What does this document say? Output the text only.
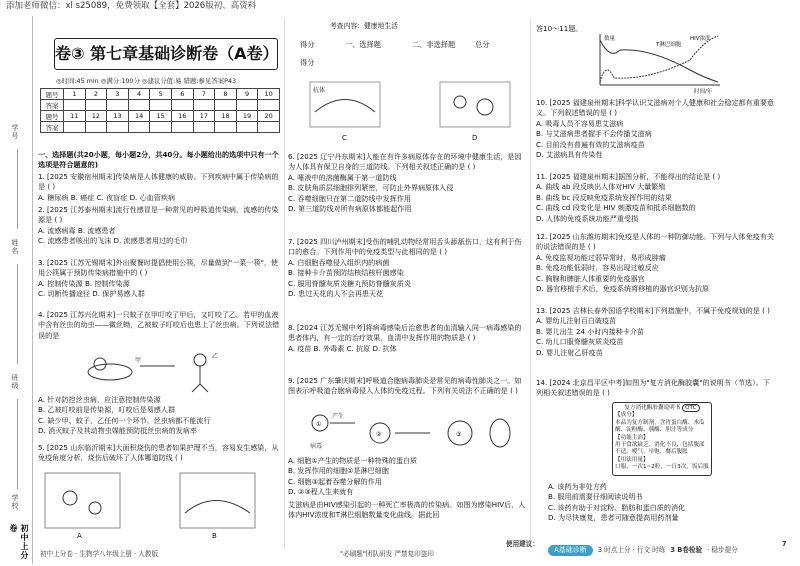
添加老师微信：xl s25089，免费领取【全套】2026版初、高资料
学号
姓名
班级
学校
初中上分卷
卷③ 第七章基础诊断卷（A卷）
◎时间:45 min ◎满分:100分 ◎建议分值:易 错题:参见答案P43
题号	1	2	3	4	5	6	7	8	9	10
答案										
题号	11	12	13	14	15	16	17	18	19	20
答案										
一、选择题(共20小题，每小题2分，共40分。每小题给出的选项中只有一个选项是符合题意的)
1. [2025 安徽宿州期末]传染病是人体健康的威胁。下列疾病中属于传染病的是 ( )
A. 糖尿病 B. 癌症 C. 夜盲症 D. 心血管疾病
2. [2025 江苏泰州期末]流行性感冒是一种常见的呼吸道传染病，流感的传染源是 ( )
A. 流感病毒 B. 流感患者
C. 流感患者咳出的飞沫 D. 流感患者用过的毛巾
3. [2025 江苏无锡期末]外出聚餐时提倡使用公筷，尽量做到"一菜一筷"，使用公筷属于预防传染病措施中的 ( )
A. 控制传染源 B. 控制传染源
C. 切断传播途径 D. 保护易感人群
4. [2025 江苏兴化期末]一只蚊子在甲叮咬了甲后，又叮咬了乙。若甲的血液中含有丝虫的幼虫——微丝蚴，乙被蚊子叮咬后也患上了丝虫病。下列说法错误的是
甲
乙
A. 针对防控丝虫病，应注意控制传染源
B. 乙被叮咬前是传染源，叮咬后是易感人群
C. 缺少甲、蚊子，乙任何一个环节，丝虫病都不能流行
D. 消灭蚊子及其动物虫媒能预防抵丝虫病的发病率
5. [2025 山东临沂期末]大面积烧伤的患者如果护理不当，容易发生感染，从免疫角度分析，烧伤后破坏了人体哪道防线 ( )
A	B
初中上分卷 · 生物学八年级上册 · 人教版
考查内容：健康地生活
得分	一、选择题	二、非选择题	总分
得分
抗体
C	D
6. [2025 辽宁丹东期末]人能在有许多病原体存在的环境中健康生活，是因为人体具有保卫自身的三道防线。下列相关叙述正确的是 ( )
A. 唾液中的溶菌酶属于第一道防线
B. 皮肤角质层细胞排列紧密，可防止外界病原体入侵
C. 吞噬细胞只在第二道防线中发挥作用
D. 第三道防线对所有病原体都能起作用
7. [2025 四川泸州期末]受伤的哺乳动物经常用舌头舔舐伤口，这有利于伤口的愈合。下列作用中的免疫类型与此相同的是 ( )
A. 白细胞吞噬侵入组织内的病菌
B. 接种卡介苗预防结核结核杆菌感染
C. 服用脊髓灰质炎糖丸预防脊髓灰质炎
D. 患过天花的人不会再患天花
8. [2024 江苏无锡中考]将病毒感染后治愈患者的血清输入同一病毒感染的患者体内，有一定的治疗效果，血清中发挥作用的物质是 ( )
A. 疫苗 B. 外毒素 C. 抗原 D. 抗体
9. [2025 广东肇庆期末]呼吸道合胞病毒肺炎是常见的病毒性肺炎之一。如图表示呼吸道合胞病毒侵入人体的免疫过程。下列有关说法不正确的是 ( )
①
产生
病毒
②	③
A. 细胞①产生的物质是一种特殊的蛋白质
B. 发挥作用的细胞①是淋巴细胞
C. 细胞③起着吞噬分解的作用
D. ②③程人生来就有
艾滋病是由HIV感染引起的一种死亡率极高的传染病。如图为感染HIV后，人体内HIV浓度和T淋巴细胞数量变化曲线。据此回
"必刷题"团队研发 严禁复印盗印
答10～11题。
数量
T淋巴细胞
HIV浓度
时间/年
10. [2025 福建泉州期末]科学认识艾滋病对个人健康和社会稳定都有重要意义。下列叙述错误的是 ( )
A. 吸毒人员不容易患艾滋病
B. 与艾滋病患者握手不会传播艾滋病
C. 目前没有普遍有效的艾滋病疫苗
D. 艾滋病具有传染性
11. [2025 福建泉州期末]据图分析，不能得出的结论是 ( )
A. 曲线 ab 段反映出人体对HIV 大量繁殖
B. 曲线 bc 段反映免疫系统发挥作用的结果
C. 曲线 cd 段变化是 HIV 刺激疫苗和抵杀细胞数的
D. 人体的免疫系统功能严重受损
12. [2025 山东潍坊期末]免疫是人体的一种防御功能。下列与人体免疫有关的说法错误的是 ( )
A. 免疫监视功能过弱异常时，易形成肿瘤
B. 免疫功能低弱时，容易出现过敏反应
C. 胸腺和脾脏人体重要的免疫器官
D. 器官移植手术后，免疫系统将移植的器官识别为抗原
13. [2025 吉林长春外国语学校期末]下列措施中，不属于免疫规划的是 ( )
A. 婴幼儿注射百白破疫苗
B. 婴儿出生 24 小时内接种卡介苗
C. 幼儿口服脊髓灰质炎疫苗
D. 婴儿注射乙肝疫苗
14. [2024 北京昌平区中考]如图为"复方消化酶胶囊"的说明书（节选）。下列相关叙述错误的是 ( )
复方消化酶胶囊说明书 OTC
【成分】
本品为复方制剂，含胃蛋白酶、木瓜酶、淀粉酶、胰酶、胆汁等成分
【功能主治】
用于食欲缺乏、消化不良，包括腹部不适、嗳气、早饱、餐后腹胀
【用法用量】
口服，一次1~2粒，一日3次，饭后服
A. 该药为非处方药
B. 服用前需要仔细阅读说明书
C. 该药有助于对淀粉、脂肪和蛋白质的消化
D. 为尽快康复，患者可随意提高用药剂量
使用建议：
A基础诊断 3 时点上分 · 行文 时练 3 B卷检验 · 稳步提分
7
